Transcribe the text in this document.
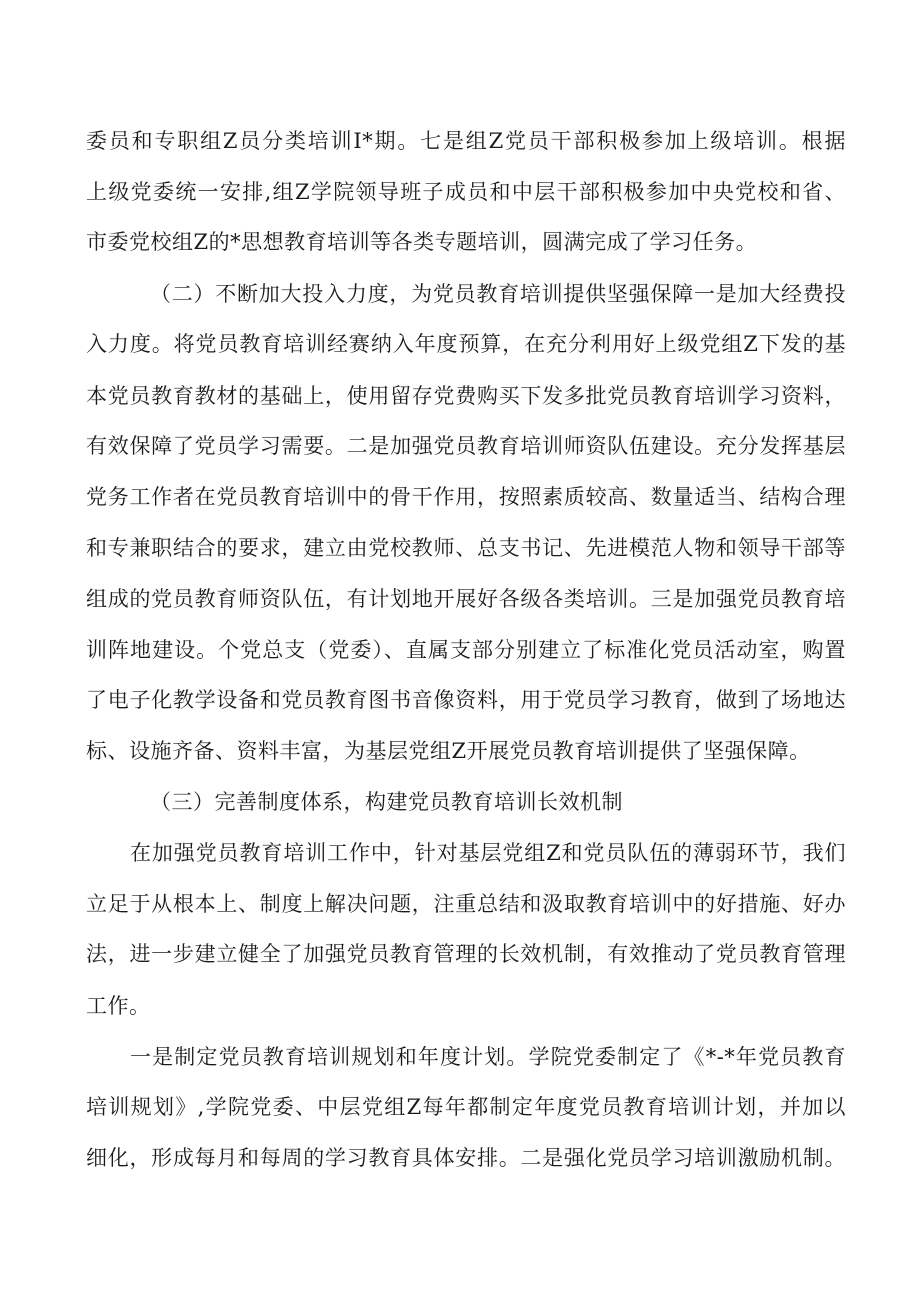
委员和专职组Z员分类培训I*期。七是组Z党员干部积极参加上级培训。根据
上级党委统一安排,组Z学院领导班子成员和中层干部积极参加中央党校和省、
市委党校组Z的*思想教育培训等各类专题培训，圆满完成了学习任务。
（二）不断加大投入力度，为党员教育培训提供坚强保障一是加大经费投
入力度。将党员教育培训经赛纳入年度预算，在充分利用好上级党组Z下发的基
本党员教育教材的基础上，使用留存党费购买下发多批党员教育培训学习资料，
有效保障了党员学习需要。二是加强党员教育培训师资队伍建设。充分发挥基层
党务工作者在党员教育培训中的骨干作用，按照素质较高、数量适当、结构合理
和专兼职结合的要求，建立由党校教师、总支书记、先进模范人物和领导干部等
组成的党员教育师资队伍，有计划地开展好各级各类培训。三是加强党员教育培
训阵地建设。个党总支（党委）、直属支部分别建立了标准化党员活动室，购置
了电子化教学设备和党员教育图书音像资料，用于党员学习教育，做到了场地达
标、设施齐备、资料丰富，为基层党组Z开展党员教育培训提供了坚强保障。
（三）完善制度体系，构建党员教育培训长效机制
在加强党员教育培训工作中，针对基层党组Z和党员队伍的薄弱环节，我们
立足于从根本上、制度上解决问题，注重总结和汲取教育培训中的好措施、好办
法，进一步建立健全了加强党员教育管理的长效机制，有效推动了党员教育管理
工作。
一是制定党员教育培训规划和年度计划。学院党委制定了《*-*年党员教育
培训规划》,学院党委、中层党组Z每年都制定年度党员教育培训计划，并加以
细化，形成每月和每周的学习教育具体安排。二是强化党员学习培训激励机制。
